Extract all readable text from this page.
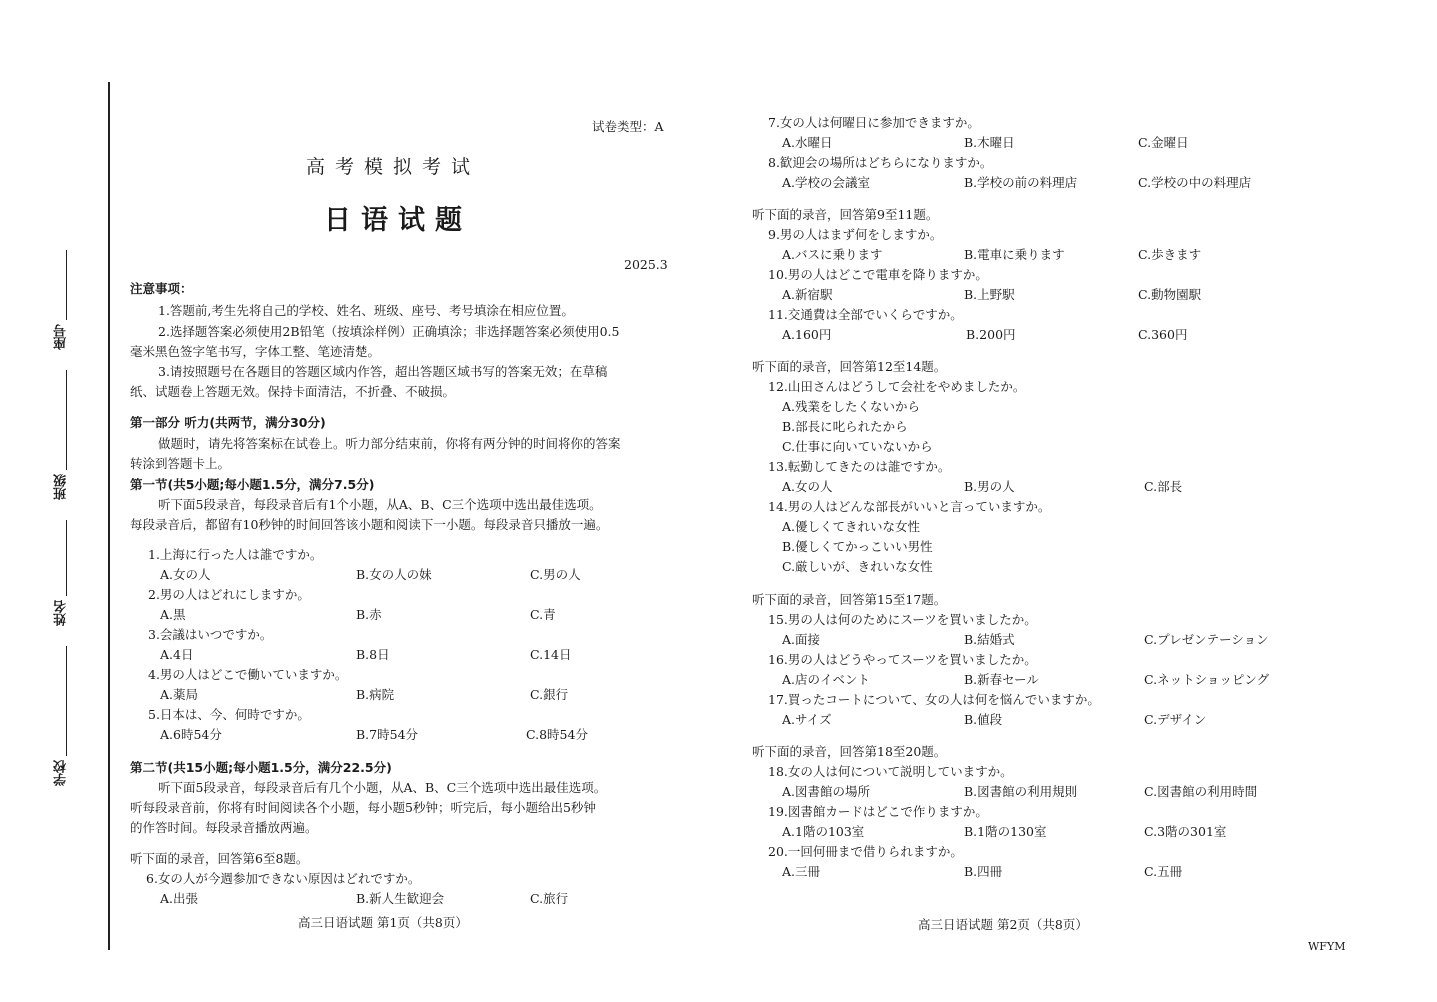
座号
班级
姓名
学校
试卷类型：A
高考模拟考试
日语试题
2025.3
注意事项：
1.答题前,考生先将自己的学校、姓名、班级、座号、考号填涂在相应位置。
2.选择题答案必须使用2B铅笔（按填涂样例）正确填涂；非选择题答案必须使用0.5
毫米黑色签字笔书写，字体工整、笔迹清楚。
3.请按照题号在各题目的答题区域内作答，超出答题区域书写的答案无效；在草稿
纸、试题卷上答题无效。保持卡面清洁，不折叠、不破损。
第一部分 听力(共两节，满分30分)
做题时，请先将答案标在试卷上。听力部分结束前，你将有两分钟的时间将你的答案
转涂到答题卡上。
第一节(共5小题;每小题1.5分，满分7.5分)
听下面5段录音，每段录音后有1个小题，从A、B、C三个选项中选出最佳选项。
每段录音后，都留有10秒钟的时间回答该小题和阅读下一小题。每段录音只播放一遍。
1.上海に行った人は誰ですか。
A.女の人	B.女の人の妹	C.男の人
2.男の人はどれにしますか。
A.黒	B.赤	C.青
3.会議はいつですか。
A.4日	B.8日	C.14日
4.男の人はどこで働いていますか。
A.薬局	B.病院	C.銀行
5.日本は、今、何時ですか。
A.6時54分	B.7時54分	C.8時54分
第二节(共15小题;每小题1.5分，满分22.5分)
听下面5段录音，每段录音后有几个小题，从A、B、C三个选项中选出最佳选项。
听每段录音前，你将有时间阅读各个小题，每小题5秒钟；听完后，每小题给出5秒钟
的作答时间。每段录音播放两遍。
听下面的录音，回答第6至8题。
6.女の人が今週参加できない原因はどれですか。
A.出張	B.新人生歓迎会	C.旅行
高三日语试题 第1页（共8页）
7.女の人は何曜日に参加できますか。
A.水曜日	B.木曜日	C.金曜日
8.歓迎会の場所はどちらになりますか。
A.学校の会議室	B.学校の前の料理店	C.学校の中の料理店
听下面的录音，回答第9至11题。
9.男の人はまず何をしますか。
A.バスに乗ります	B.電車に乗ります	C.歩きます
10.男の人はどこで電車を降りますか。
A.新宿駅	B.上野駅	C.動物園駅
11.交通費は全部でいくらですか。
A.160円	B.200円	C.360円
听下面的录音，回答第12至14题。
12.山田さんはどうして会社をやめましたか。
A.残業をしたくないから
B.部長に叱られたから
C.仕事に向いていないから
13.転勤してきたのは誰ですか。
A.女の人	B.男の人	C.部長
14.男の人はどんな部長がいいと言っていますか。
A.優しくてきれいな女性
B.優しくてかっこいい男性
C.厳しいが、きれいな女性
听下面的录音，回答第15至17题。
15.男の人は何のためにスーツを買いましたか。
A.面接	B.結婚式	C.プレゼンテーション
16.男の人はどうやってスーツを買いましたか。
A.店のイベント	B.新春セール	C.ネットショッピング
17.買ったコートについて、女の人は何を悩んでいますか。
A.サイズ	B.値段	C.デザイン
听下面的录音，回答第18至20题。
18.女の人は何について説明していますか。
A.図書館の場所	B.図書館の利用規則	C.図書館の利用時間
19.図書館カードはどこで作りますか。
A.1階の103室	B.1階の130室	C.3階の301室
20.一回何冊まで借りられますか。
A.三冊	B.四冊	C.五冊
高三日语试题 第2页（共8页）
WFYM
